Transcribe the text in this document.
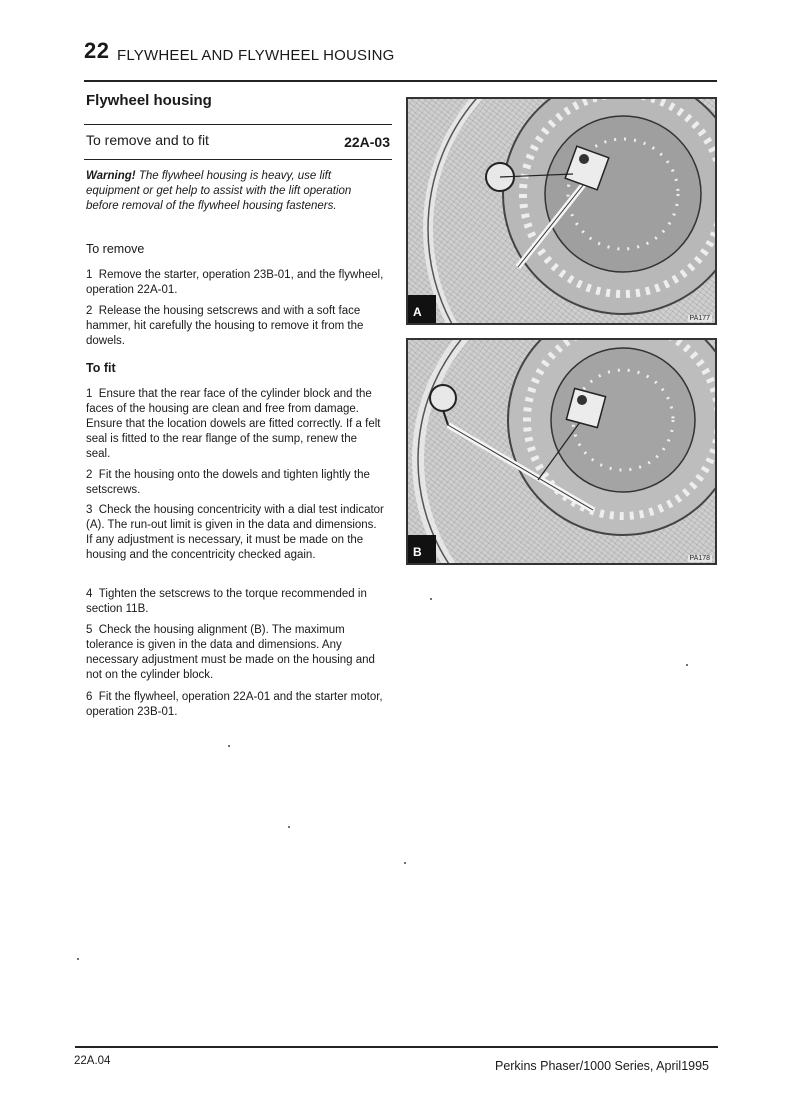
22 FLYWHEEL AND FLYWHEEL HOUSING
Flywheel housing
To remove and to fit	22A-03
Warning! The flywheel housing is heavy, use lift equipment or get help to assist with the lift operation before removal of the flywheel housing fasteners.
To remove
1 Remove the starter, operation 23B-01, and the flywheel, operation 22A-01.
2 Release the housing setscrews and with a soft face hammer, hit carefully the housing to remove it from the dowels.
To fit
1 Ensure that the rear face of the cylinder block and the faces of the housing are clean and free from damage. Ensure that the location dowels are fitted correctly. If a felt seal is fitted to the rear flange of the sump, renew the seal.
2 Fit the housing onto the dowels and tighten lightly the setscrews.
3 Check the housing concentricity with a dial test indicator (A). The run-out limit is given in the data and dimensions. If any adjustment is necessary, it must be made on the housing and the concentricity checked again.
4 Tighten the setscrews to the torque recommended in section 11B.
5 Check the housing alignment (B). The maximum tolerance is given in the data and dimensions. Any necessary adjustment must be made on the housing and not on the cylinder block.
6 Fit the flywheel, operation 22A-01 and the starter motor, operation 23B-01.
A	PA177
B	PA178
22A.04	Perkins Phaser/1000 Series, April1995
